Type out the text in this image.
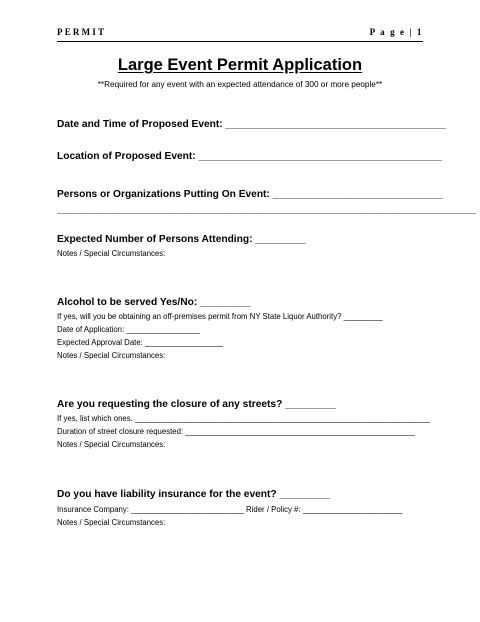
PERMIT	P a g e | 1
Large Event Permit Application
**Required for any event with an expected attendance of 300 or more people**
Date and Time of Proposed Event: _______________________________________
Location of Proposed Event: ___________________________________________
Persons or Organizations Putting On Event: ______________________________
__________________________________________________________________________
Expected Number of Persons Attending: _________
Notes / Special Circumstances:
Alcohol to be served Yes/No: _________
If yes, will you be obtaining an off-premises permit from NY State Liquor Authority? _________
Date of Application: _________________
Expected Approval Date: __________________
Notes / Special Circumstances:
Are you requesting the closure of any streets? _________
If yes, list which ones. ____________________________________________________________________
Duration of street closure requested: _____________________________________________________
Notes / Special Circumstances:
Do you have liability insurance for the event? _________
Insurance Company: __________________________ Rider / Policy #: _______________________
Notes / Special Circumstances:
